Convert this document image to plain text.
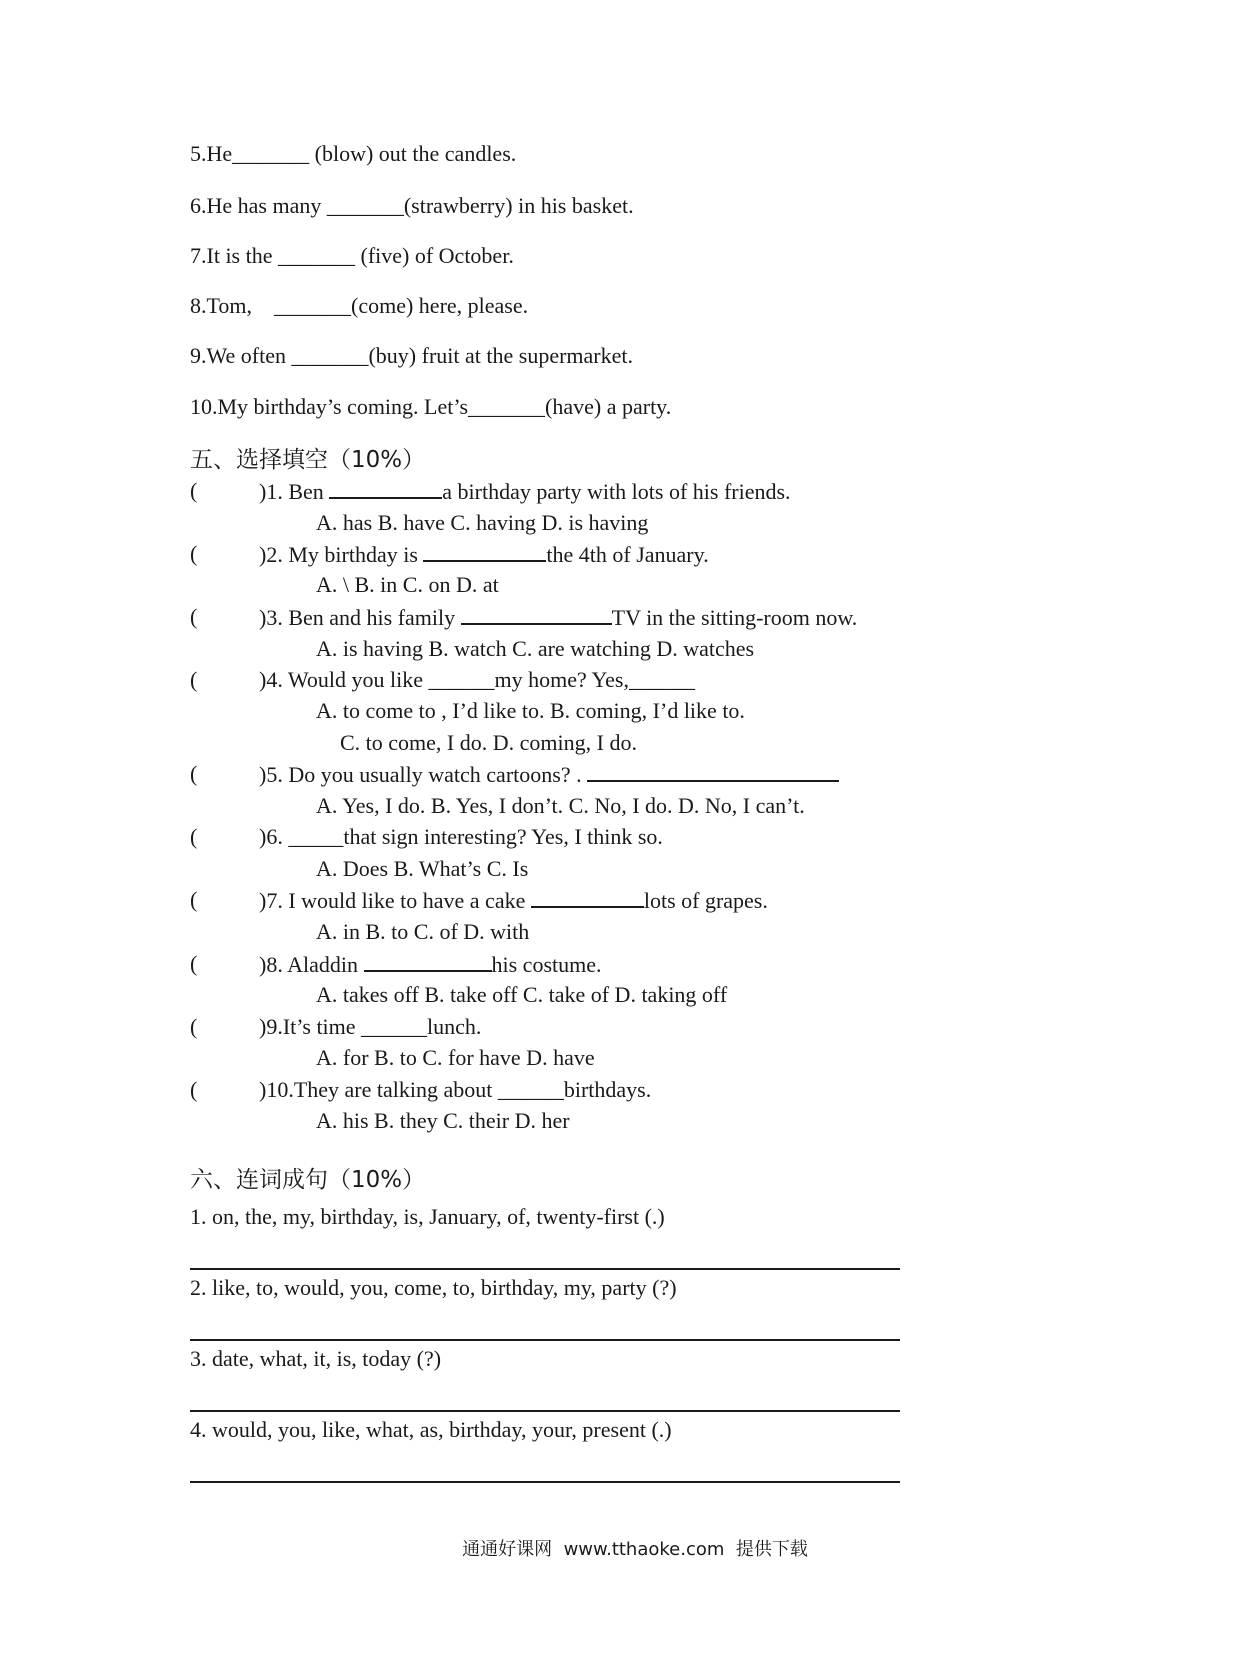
5.He_______ (blow) out the candles.
6.He has many _______(strawberry) in his basket.
7.It is the _______ (five) of October.
8.Tom,    _______(come) here, please.
9.We often _______(buy) fruit at the supermarket.
10.My birthday’s coming. Let’s_______(have) a party.
五、选择填空（10%）
(	)1. Ben	a birthday party with lots of his friends.
A. has B. have C. having D. is having
(	)2. My birthday is	the 4th of January.
A. \ B. in C. on D. at
(	)3. Ben and his family	TV in the sitting-room now.
A. is having B. watch C. are watching D. watches
(	)4. Would you like ______my home? Yes,______
A. to come to , I’d like to. B. coming, I’d like to.
C. to come, I do. D. coming, I do.
(	)5. Do you usually watch cartoons? .
A. Yes, I do. B. Yes, I don’t. C. No, I do. D. No, I can’t.
(	)6. _____that sign interesting? Yes, I think so.
A. Does B. What’s C. Is
(	)7. I would like to have a cake	lots of grapes.
A. in B. to C. of D. with
(	)8. Aladdin	his costume.
A. takes off B. take off C. take of D. taking off
(	)9.It’s time ______lunch.
A. for B. to C. for have D. have
(	)10.They are talking about ______birthdays.
A. his B. they C. their D. her
六、连词成句（10%）
1. on, the, my, birthday, is, January, of, twenty-first (.)
2. like, to, would, you, come, to, birthday, my, party (?)
3. date, what, it, is, today (?)
4. would, you, like, what, as, birthday, your, present (.)
通通好课网  www.tthaoke.com  提供下载
